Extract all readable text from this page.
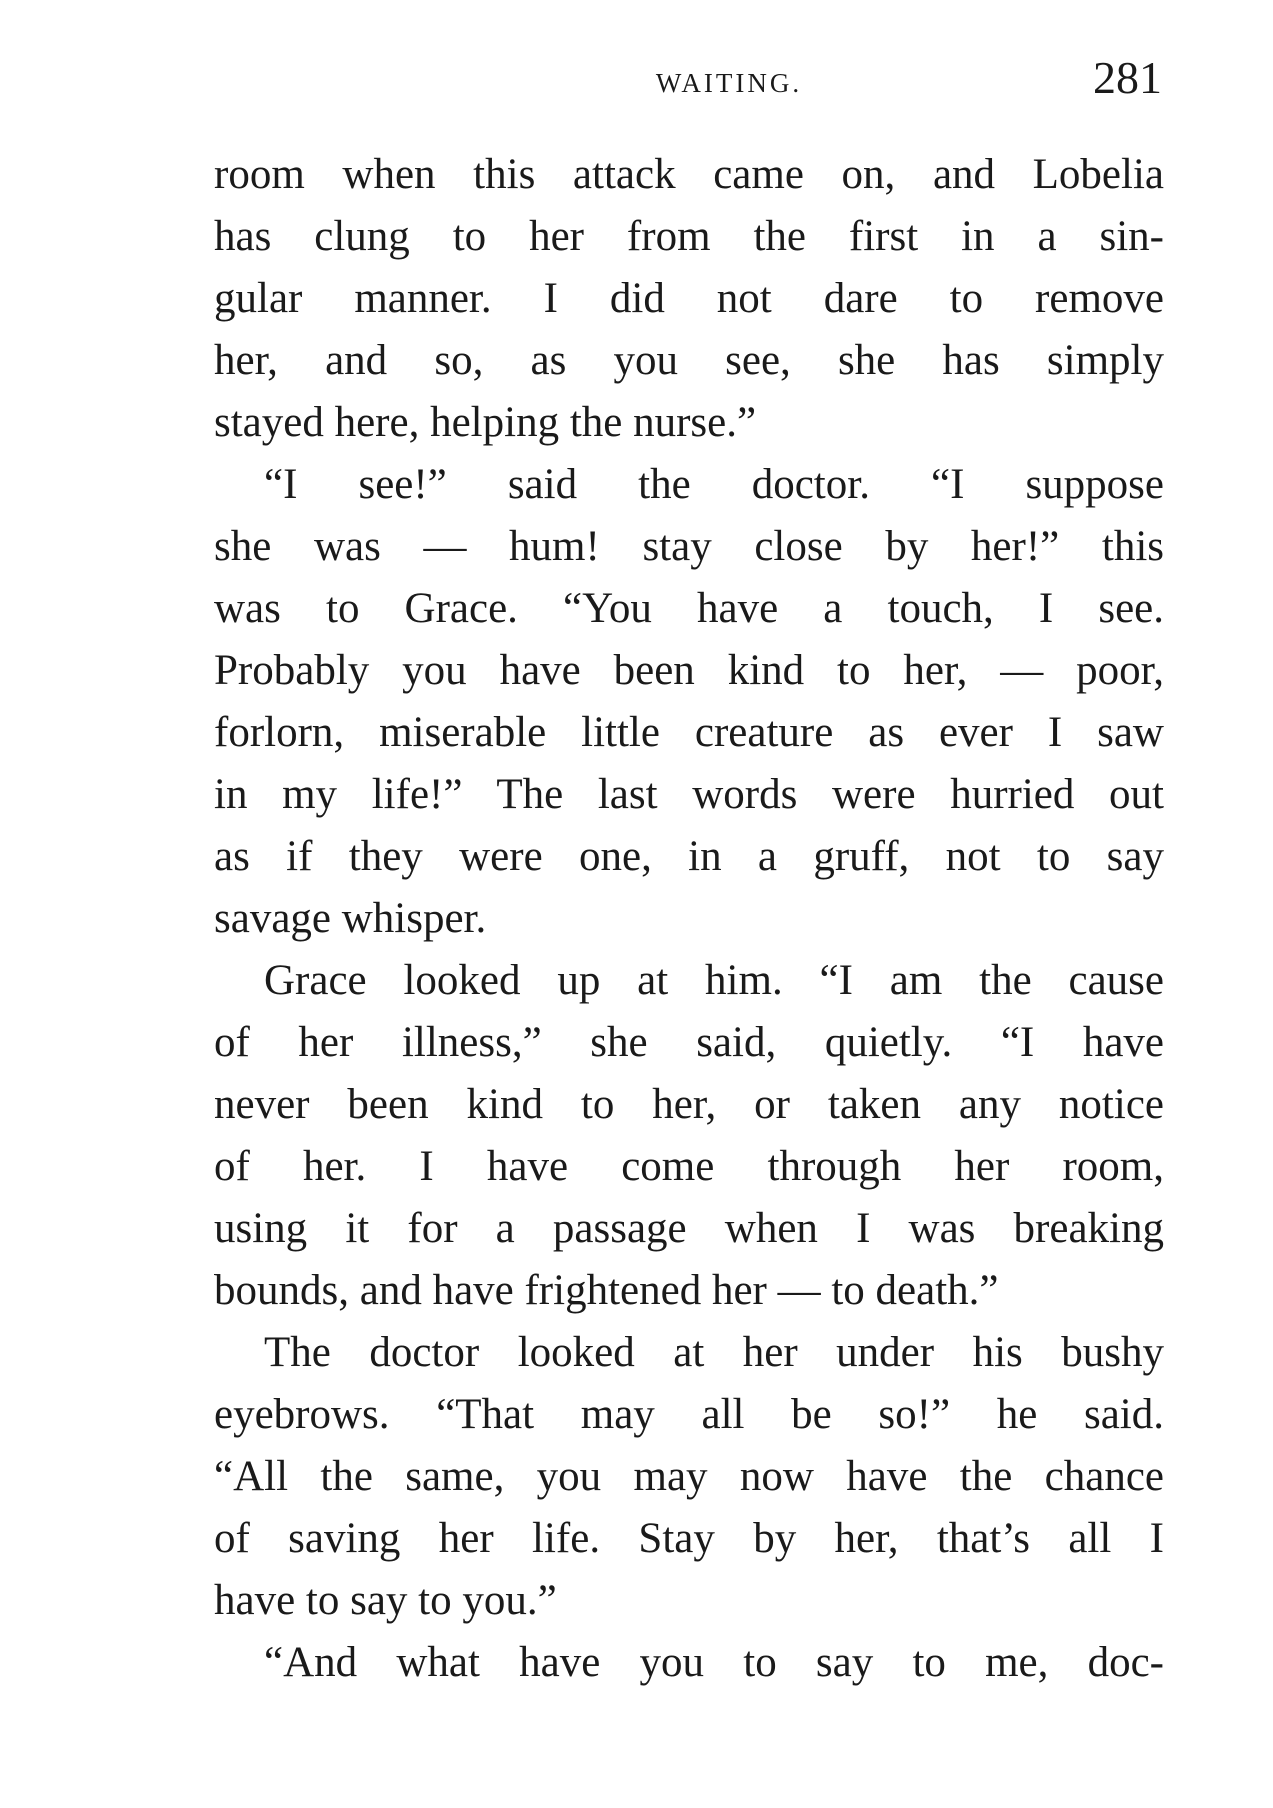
WAITING.	281
room when this attack came on, and Lobelia
has clung to her from the first in a sin-
gular manner. I did not dare to remove
her, and so, as you see, she has simply
stayed here, helping the nurse.”
“I see!” said the doctor. “I suppose
she was — hum! stay close by her!” this
was to Grace. “You have a touch, I see.
Probably you have been kind to her, — poor,
forlorn, miserable little creature as ever I saw
in my life!” The last words were hurried out
as if they were one, in a gruff, not to say
savage whisper.
Grace looked up at him. “I am the cause
of her illness,” she said, quietly. “I have
never been kind to her, or taken any notice
of her. I have come through her room,
using it for a passage when I was breaking
bounds, and have frightened her — to death.”
The doctor looked at her under his bushy
eyebrows. “That may all be so!” he said.
“All the same, you may now have the chance
of saving her life. Stay by her, that’s all I
have to say to you.”
“And what have you to say to me, doc-
